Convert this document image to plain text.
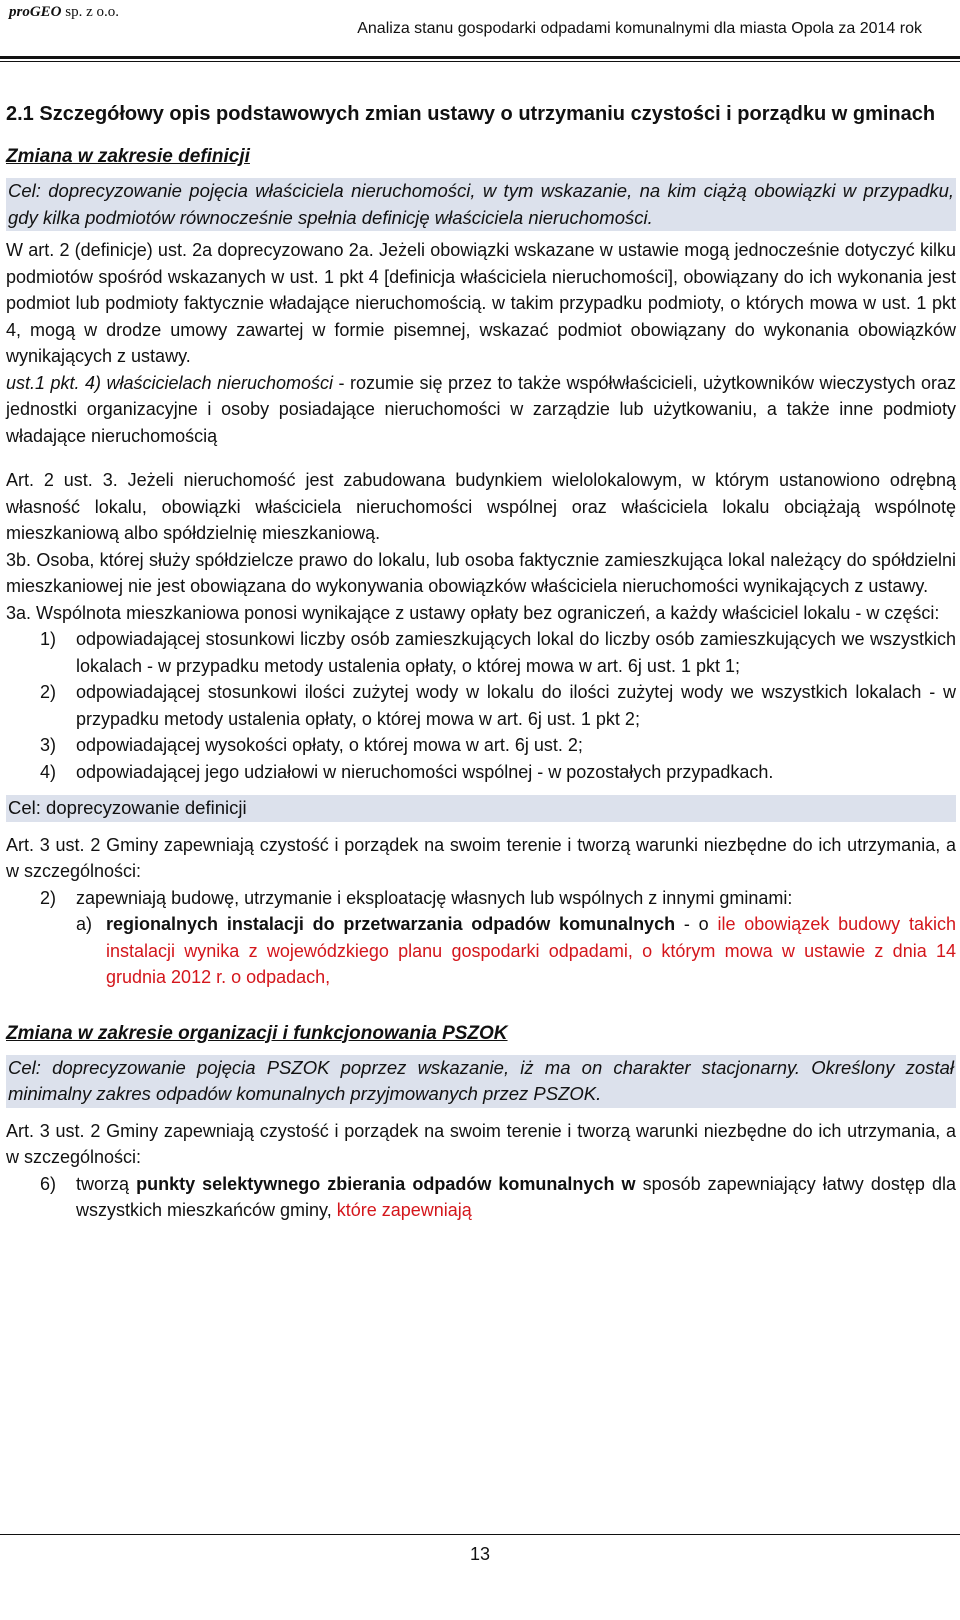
proGEO sp. z o.o.
Analiza stanu gospodarki odpadami komunalnymi dla miasta Opola za 2014 rok

2.1 Szczegółowy opis podstawowych zmian ustawy o utrzymaniu czystości i porządku w gminach

Zmiana w zakresie definicji
Cel: doprecyzowanie pojęcia właściciela nieruchomości, w tym wskazanie, na kim ciążą obowiązki w przypadku, gdy kilka podmiotów równocześnie spełnia definicję właściciela nieruchomości.

W art. 2 (definicje) ust. 2a doprecyzowano 2a. Jeżeli obowiązki wskazane w ustawie mogą jednocześnie dotyczyć kilku podmiotów spośród wskazanych w ust. 1 pkt 4 [definicja właściciela nieruchomości], obowiązany do ich wykonania jest podmiot lub podmioty faktycznie władające nieruchomością. w takim przypadku podmioty, o których mowa w ust. 1 pkt 4, mogą w drodze umowy zawartej w formie pisemnej, wskazać podmiot obowiązany do wykonania obowiązków wynikających z ustawy.

ust.1 pkt. 4) właścicielach nieruchomości - rozumie się przez to także współwłaścicieli, użytkowników wieczystych oraz jednostki organizacyjne i osoby posiadające nieruchomości w zarządzie lub użytkowaniu, a także inne podmioty władające nieruchomością

Art. 2 ust. 3. Jeżeli nieruchomość jest zabudowana budynkiem wielolokalowym, w którym ustanowiono odrębną własność lokalu, obowiązki właściciela nieruchomości wspólnej oraz właściciela lokalu obciążają wspólnotę mieszkaniową albo spółdzielnię mieszkaniową.

3b. Osoba, której służy spółdzielcze prawo do lokalu, lub osoba faktycznie zamieszkująca lokal należący do spółdzielni mieszkaniowej nie jest obowiązana do wykonywania obowiązków właściciela nieruchomości wynikających z ustawy.

3a. Wspólnota mieszkaniowa ponosi wynikające z ustawy opłaty bez ograniczeń, a każdy właściciel lokalu - w części:

1)	odpowiadającej stosunkowi liczby osób zamieszkujących lokal do liczby osób zamieszkujących we wszystkich lokalach - w przypadku metody ustalenia opłaty, o której mowa w art. 6j ust. 1 pkt 1;
2)	odpowiadającej stosunkowi ilości zużytej wody w lokalu do ilości zużytej wody we wszystkich lokalach - w przypadku metody ustalenia opłaty, o której mowa w art. 6j ust. 1 pkt 2;
3)	odpowiadającej wysokości opłaty, o której mowa w art. 6j ust. 2;
4)	odpowiadającej jego udziałowi w nieruchomości wspólnej - w pozostałych przypadkach.
Cel: doprecyzowanie definicji

Art. 3 ust. 2 Gminy zapewniają czystość i porządek na swoim terenie i tworzą warunki niezbędne do ich utrzymania, a w szczególności:

2)	zapewniają budowę, utrzymanie i eksploatację własnych lub wspólnych z innymi gminami:
a) regionalnych instalacji do przetwarzania odpadów komunalnych - o ile obowiązek budowy takich instalacji wynika z wojewódzkiego planu gospodarki odpadami, o którym mowa w ustawie z dnia 14 grudnia 2012 r. o odpadach,
Zmiana w zakresie organizacji i funkcjonowania PSZOK
Cel: doprecyzowanie pojęcia PSZOK poprzez wskazanie, iż ma on charakter stacjonarny. Określony został minimalny zakres odpadów komunalnych przyjmowanych przez PSZOK.

Art. 3 ust. 2 Gminy zapewniają czystość i porządek na swoim terenie i tworzą warunki niezbędne do ich utrzymania, a w szczególności:

6)	tworzą punkty selektywnego zbierania odpadów komunalnych w sposób zapewniający łatwy dostęp dla wszystkich mieszkańców gminy, które zapewniają
13
